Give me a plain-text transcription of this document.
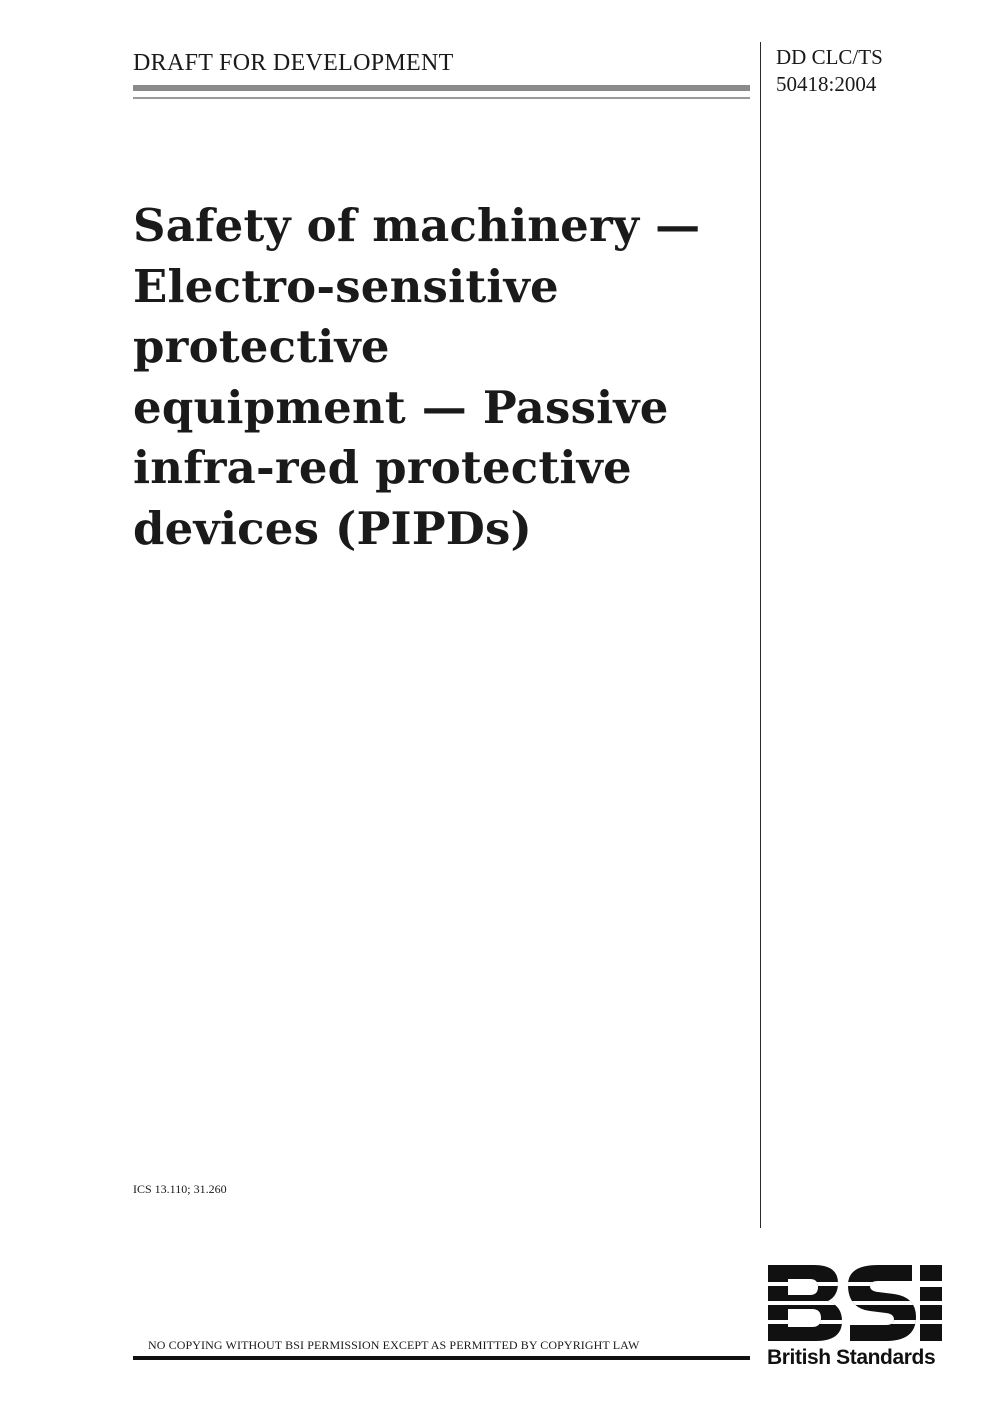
DRAFT FOR DEVELOPMENT	DD CLC/TS
50418:2004
Safety of machinery —
Electro-sensitive
protective
equipment — Passive
infra-red protective
devices (PIPDs)
ICS 13.110; 31.260
NO COPYING WITHOUT BSI PERMISSION EXCEPT AS PERMITTED BY COPYRIGHT LAW
British Standards
